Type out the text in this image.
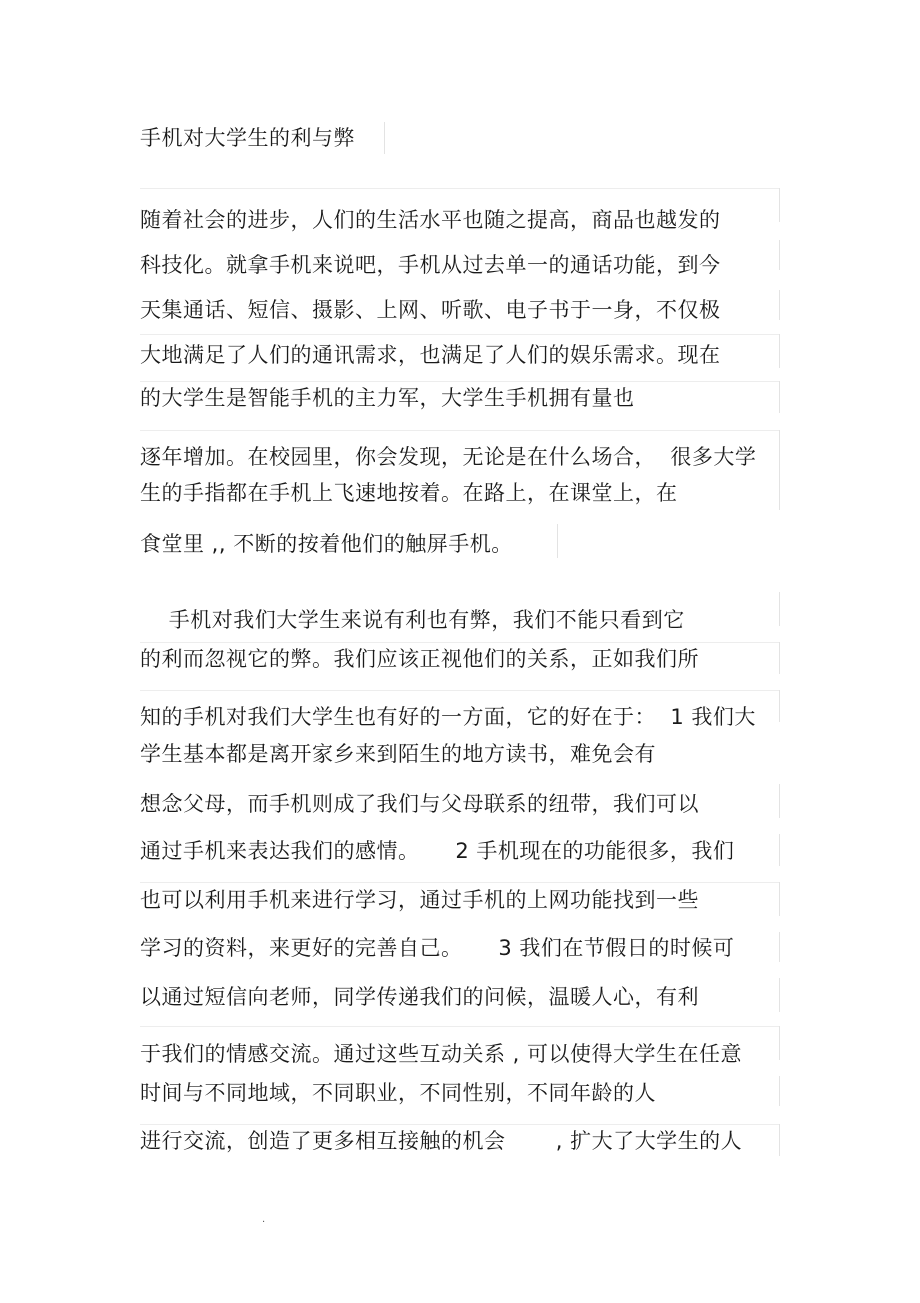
手机对大学生的利与弊
随着社会的进步，人们的生活水平也随之提高，商品也越发的
科技化。就拿手机来说吧，手机从过去单一的通话功能，到今
天集通话、短信、摄影、上网、听歌、电子书于一身，不仅极
大地满足了人们的通讯需求，也满足了人们的娱乐需求。现在
的大学生是智能手机的主力军，大学生手机拥有量也
逐年增加。在校园里，你会发现，无论是在什么场合，  很多大学
生的手指都在手机上飞速地按着。在路上，在课堂上，在
食堂里 ,, 不断的按着他们的触屏手机。
手机对我们大学生来说有利也有弊，我们不能只看到它
的利而忽视它的弊。我们应该正视他们的关系，正如我们所
知的手机对我们大学生也有好的一方面，它的好在于：  1 我们大
学生基本都是离开家乡来到陌生的地方读书，难免会有
想念父母，而手机则成了我们与父母联系的纽带，我们可以
通过手机来表达我们的感情。     2 手机现在的功能很多，我们
也可以利用手机来进行学习，通过手机的上网功能找到一些
学习的资料，来更好的完善自己。     3 我们在节假日的时候可
以通过短信向老师，同学传递我们的问候，温暖人心，有利
于我们的情感交流。通过这些互动关系 , 可以使得大学生在任意
时间与不同地域，不同职业，不同性别，不同年龄的人
进行交流，创造了更多相互接触的机会       , 扩大了大学生的人
.
